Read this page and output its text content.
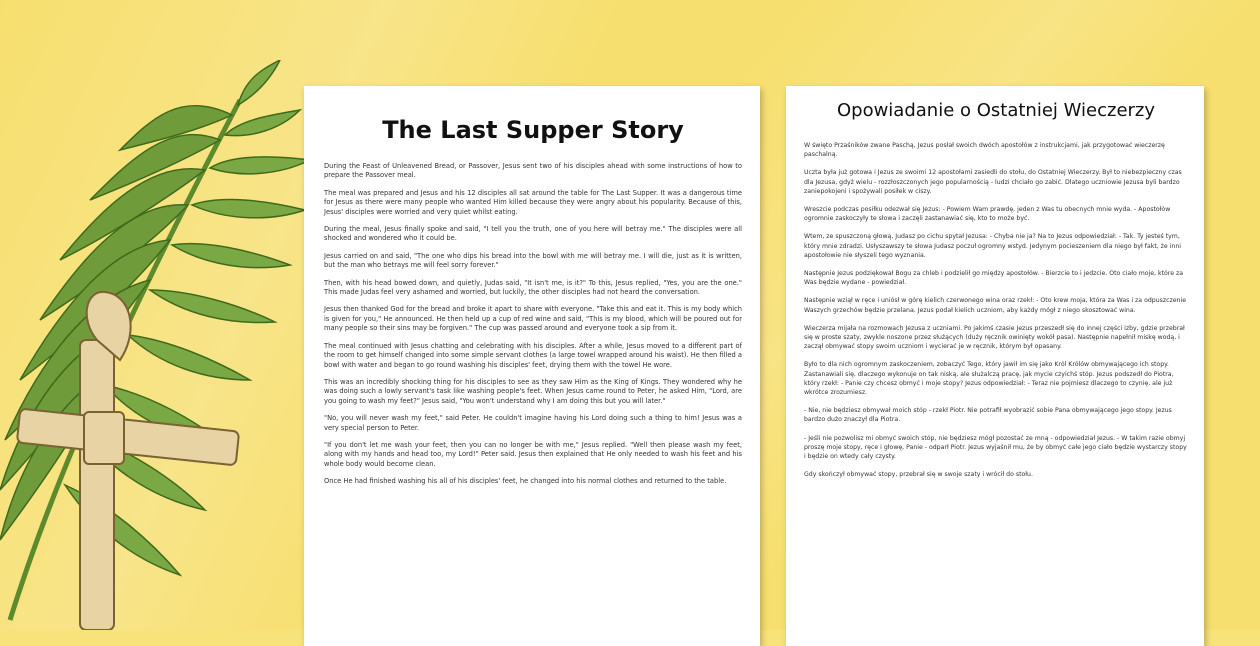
The Last Supper Story

During the Feast of Unleavened Bread, or Passover, Jesus sent two of his disciples ahead with some instructions of how to prepare the Passover meal.

The meal was prepared and Jesus and his 12 disciples all sat around the table for The Last Supper. It was a dangerous time for Jesus as there were many people who wanted Him killed because they were angry about his popularity. Because of this, Jesus' disciples were worried and very quiet whilst eating.

During the meal, Jesus finally spoke and said, "I tell you the truth, one of you here will betray me." The disciples were all shocked and wondered who it could be.

Jesus carried on and said, "The one who dips his bread into the bowl with me will betray me. I will die, just as it is written, but the man who betrays me will feel sorry forever."

Then, with his head bowed down, and quietly, Judas said, "It isn't me, is it?" To this, Jesus replied, "Yes, you are the one." This made Judas feel very ashamed and worried, but luckily, the other disciples had not heard the conversation.

Jesus then thanked God for the bread and broke it apart to share with everyone. "Take this and eat it. This is my body which is given for you," He announced. He then held up a cup of red wine and said, "This is my blood, which will be poured out for many people so their sins may be forgiven." The cup was passed around and everyone took a sip from it.

The meal continued with Jesus chatting and celebrating with his disciples. After a while, Jesus moved to a different part of the room to get himself changed into some simple servant clothes (a large towel wrapped around his waist). He then filled a bowl with water and began to go round washing his disciples' feet, drying them with the towel He wore.

This was an incredibly shocking thing for his disciples to see as they saw Him as the King of Kings. They wondered why he was doing such a lowly servant's task like washing people's feet. When Jesus came round to Peter, he asked Him, "Lord, are you going to wash my feet?" Jesus said, "You won't understand why I am doing this but you will later."

"No, you will never wash my feet," said Peter. He couldn't imagine having his Lord doing such a thing to him! Jesus was a very special person to Peter.

"If you don't let me wash your feet, then you can no longer be with me," Jesus replied. "Well then please wash my feet, along with my hands and head too, my Lord!" Peter said. Jesus then explained that He only needed to wash his feet and his whole body would become clean.

Once He had finished washing his all of his disciples' feet, he changed into his normal clothes and returned to the table.

Opowiadanie o Ostatniej Wieczerzy

W święto Przaśników zwane Paschą, Jezus posłał swoich dwóch apostołów z instrukcjami, jak przygotować wieczerzę paschalną.

Uczta była już gotowa i Jezus ze swoimi 12 apostołami zasiedli do stołu, do Ostatniej Wieczerzy. Był to niebezpieczny czas dla Jezusa, gdyż wielu - rozzłoszczonych jego popularnością - ludzi chciało go zabić. Dlatego uczniowie Jezusa byli bardzo zaniepokojeni i spożywali posiłek w ciszy.

Wreszcie podczas posiłku odezwał się Jezus: - Powiem Wam prawdę, jeden z Was tu obecnych mnie wyda. - Apostołów ogromnie zaskoczyły te słowa i zaczęli zastanawiać się, kto to może być.

Wtem, ze spuszczoną głową, Judasz po cichu spytał Jezusa: - Chyba nie ja? Na to Jezus odpowiedział: - Tak. Ty jesteś tym, który mnie zdradzi. Usłyszawszy te słowa Judasz poczuł ogromny wstyd. Jedynym pocieszeniem dla niego był fakt, że inni apostołowie nie słyszeli tego wyznania.

Następnie Jezus podziękował Bogu za chleb i podzielił go między apostołów. - Bierzcie to i jedzcie. Oto ciało moje, które za Was będzie wydane - powiedział.

Następnie wziął w ręce i uniósł w górę kielich czerwonego wina oraz rzekł: - Oto krew moja, która za Was i za odpuszczenie Waszych grzechów będzie przelana. Jezus podał kielich uczniom, aby każdy mógł z niego skosztować wina.

Wieczerza mijała na rozmowach Jezusa z uczniami. Po jakimś czasie Jezus przeszedł się do innej części izby, gdzie przebrał się w proste szaty, zwykle noszone przez służących (duży ręcznik owinięty wokół pasa). Następnie napełnił miskę wodą, i zaczął obmywać stopy swoim uczniom i wycierać je w ręcznik, którym był opasany.

Było to dla nich ogromnym zaskoczeniem, zobaczyć Tego, który jawił im się jako Król Królów obmywającego ich stopy. Zastanawiali się, dlaczego wykonuje on tak niską, ale służalczą pracę, jak mycie czyichś stóp. Jezus podszedł do Piotra, który rzekł: - Panie czy chcesz obmyć i moje stopy? Jezus odpowiedział: - Teraz nie pojmiesz dlaczego to czynię, ale już wkrótce zrozumiesz.

- Nie, nie będziesz obmywał moich stóp - rzekł Piotr. Nie potrafił wyobrazić sobie Pana obmywającego jego stopy. Jezus bardzo dużo znaczył dla Piotra.

- Jeśli nie pozwolisz mi obmyć swoich stóp, nie będziesz mógł pozostać ze mną - odpowiedział Jezus. - W takim razie obmyj proszę moje stopy, ręce i głowę, Panie - odparł Piotr. Jezus wyjaśnił mu, że by obmyć całe jego ciało będzie wystarczy stopy i będzie on wtedy cały czysty.

Gdy skończył obmywać stopy, przebrał się w swoje szaty i wrócił do stołu.
